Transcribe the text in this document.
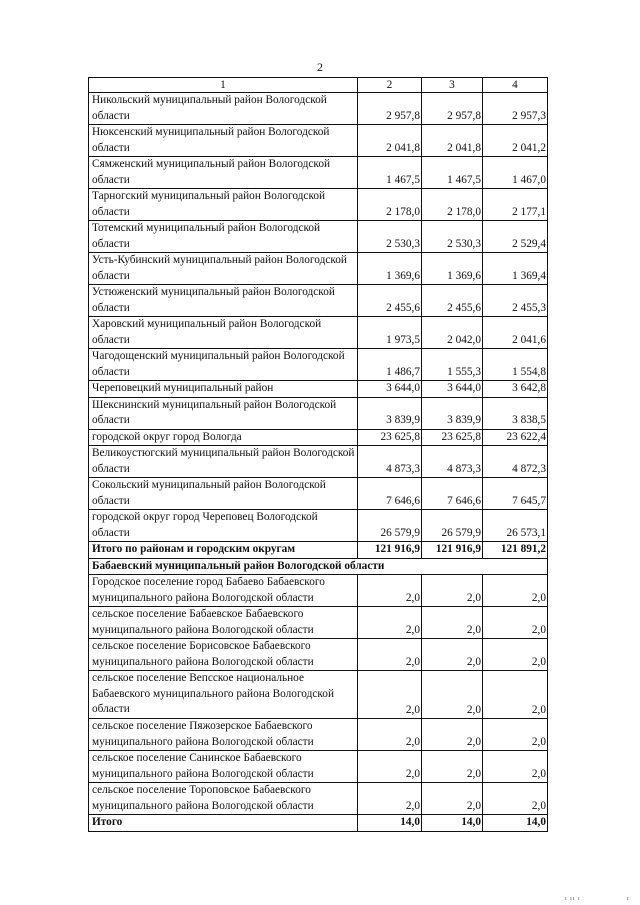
2
1	2	3	4
Никольский муниципальный район Вологодской области	2 957,8	2 957,8	2 957,3
Нюксенский муниципальный район Вологодской области	2 041,8	2 041,8	2 041,2
Сямженский муниципальный район Вологодской области	1 467,5	1 467,5	1 467,0
Тарногский муниципальный район Вологодской области	2 178,0	2 178,0	2 177,1
Тотемский муниципальный район Вологодской области	2 530,3	2 530,3	2 529,4
Усть-Кубинский муниципальный район Вологодской области	1 369,6	1 369,6	1 369,4
Устюженский муниципальный район Вологодской области	2 455,6	2 455,6	2 455,3
Харовский муниципальный район Вологодской области	1 973,5	2 042,0	2 041,6
Чагодощенский муниципальный район Вологодской области	1 486,7	1 555,3	1 554,8
Череповецкий муниципальный район	3 644,0	3 644,0	3 642,8
Шекснинский муниципальный район Вологодской области	3 839,9	3 839,9	3 838,5
городской округ город Вологда	23 625,8	23 625,8	23 622,4
Великоустюгский муниципальный район Вологодской области	4 873,3	4 873,3	4 872,3
Сокольский муниципальный район Вологодской области	7 646,6	7 646,6	7 645,7
городской округ город Череповец Вологодской области	26 579,9	26 579,9	26 573,1
Итого по районам и городским округам	121 916,9	121 916,9	121 891,2
Бабаевский муниципальный район Вологодской области			
Городское поселение город Бабаево Бабаевского муниципального района Вологодской области	2,0	2,0	2,0
сельское поселение Бабаевское Бабаевского муниципального района Вологодской области	2,0	2,0	2,0
сельское поселение Борисовское Бабаевского муниципального района Вологодской области	2,0	2,0	2,0
сельское поселение Вепсское национальное Бабаевского муниципального района Вологодской области	2,0	2,0	2,0
сельское поселение Пяжозерское Бабаевского муниципального района Вологодской области	2,0	2,0	2,0
сельское поселение Санинское Бабаевского муниципального района Вологодской области	2,0	2,0	2,0
сельское поселение Тороповское Бабаевского муниципального района Вологодской области	2,0	2,0	2,0
Итого	14,0	14,0	14,0
ı ıı ı	ı
